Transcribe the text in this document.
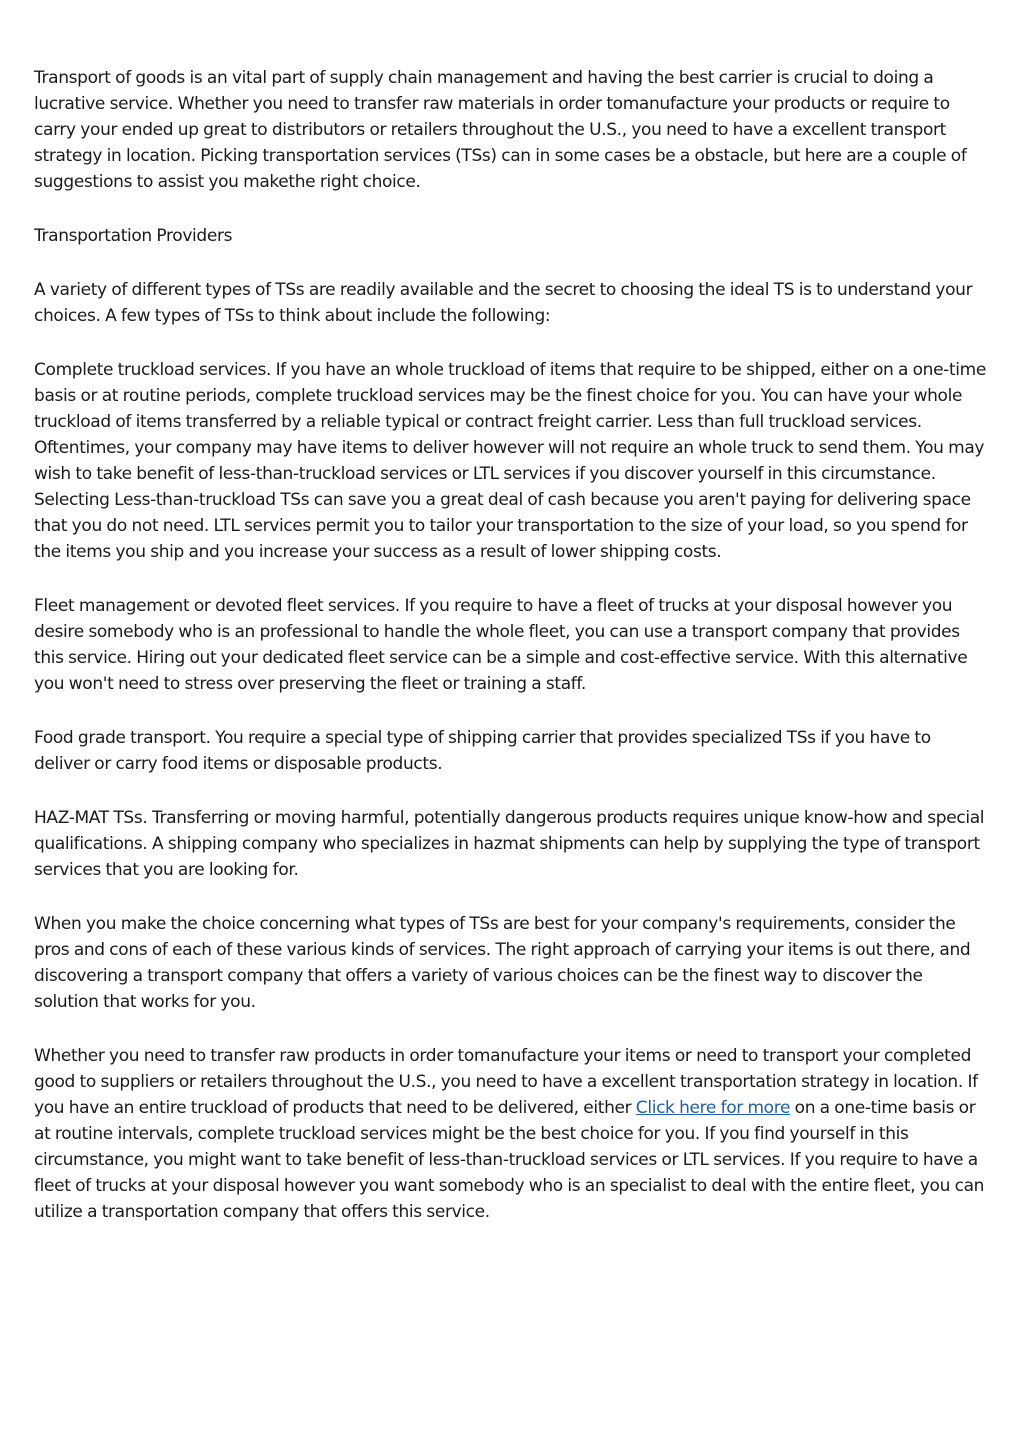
Transport of goods is an vital part of supply chain management and having the best carrier is crucial to doing a lucrative service. Whether you need to transfer raw materials in order tomanufacture your products or require to carry your ended up great to distributors or retailers throughout the U.S., you need to have a excellent transport strategy in location. Picking transportation services (TSs) can in some cases be a obstacle, but here are a couple of suggestions to assist you makethe right choice.

Transportation Providers

A variety of different types of TSs are readily available and the secret to choosing the ideal TS is to understand your choices. A few types of TSs to think about include the following:

Complete truckload services. If you have an whole truckload of items that require to be shipped, either on a one-time basis or at routine periods, complete truckload services may be the finest choice for you. You can have your whole truckload of items transferred by a reliable typical or contract freight carrier. Less than full truckload services. Oftentimes, your company may have items to deliver however will not require an whole truck to send them. You may wish to take benefit of less-than-truckload services or LTL services if you discover yourself in this circumstance. Selecting Less-than-truckload TSs can save you a great deal of cash because you aren't paying for delivering space that you do not need. LTL services permit you to tailor your transportation to the size of your load, so you spend for the items you ship and you increase your success as a result of lower shipping costs.

Fleet management or devoted fleet services. If you require to have a fleet of trucks at your disposal however you desire somebody who is an professional to handle the whole fleet, you can use a transport company that provides this service. Hiring out your dedicated fleet service can be a simple and cost-effective service. With this alternative you won't need to stress over preserving the fleet or training a staff.

Food grade transport. You require a special type of shipping carrier that provides specialized TSs if you have to deliver or carry food items or disposable products.

HAZ-MAT TSs. Transferring or moving harmful, potentially dangerous products requires unique know-how and special qualifications. A shipping company who specializes in hazmat shipments can help by supplying the type of transport services that you are looking for.

When you make the choice concerning what types of TSs are best for your company's requirements, consider the pros and cons of each of these various kinds of services. The right approach of carrying your items is out there, and discovering a transport company that offers a variety of various choices can be the finest way to discover the solution that works for you.

Whether you need to transfer raw products in order tomanufacture your items or need to transport your completed good to suppliers or retailers throughout the U.S., you need to have a excellent transportation strategy in location. If you have an entire truckload of products that need to be delivered, either Click here for more on a one-time basis or at routine intervals, complete truckload services might be the best choice for you. If you find yourself in this circumstance, you might want to take benefit of less-than-truckload services or LTL services. If you require to have a fleet of trucks at your disposal however you want somebody who is an specialist to deal with the entire fleet, you can utilize a transportation company that offers this service.
